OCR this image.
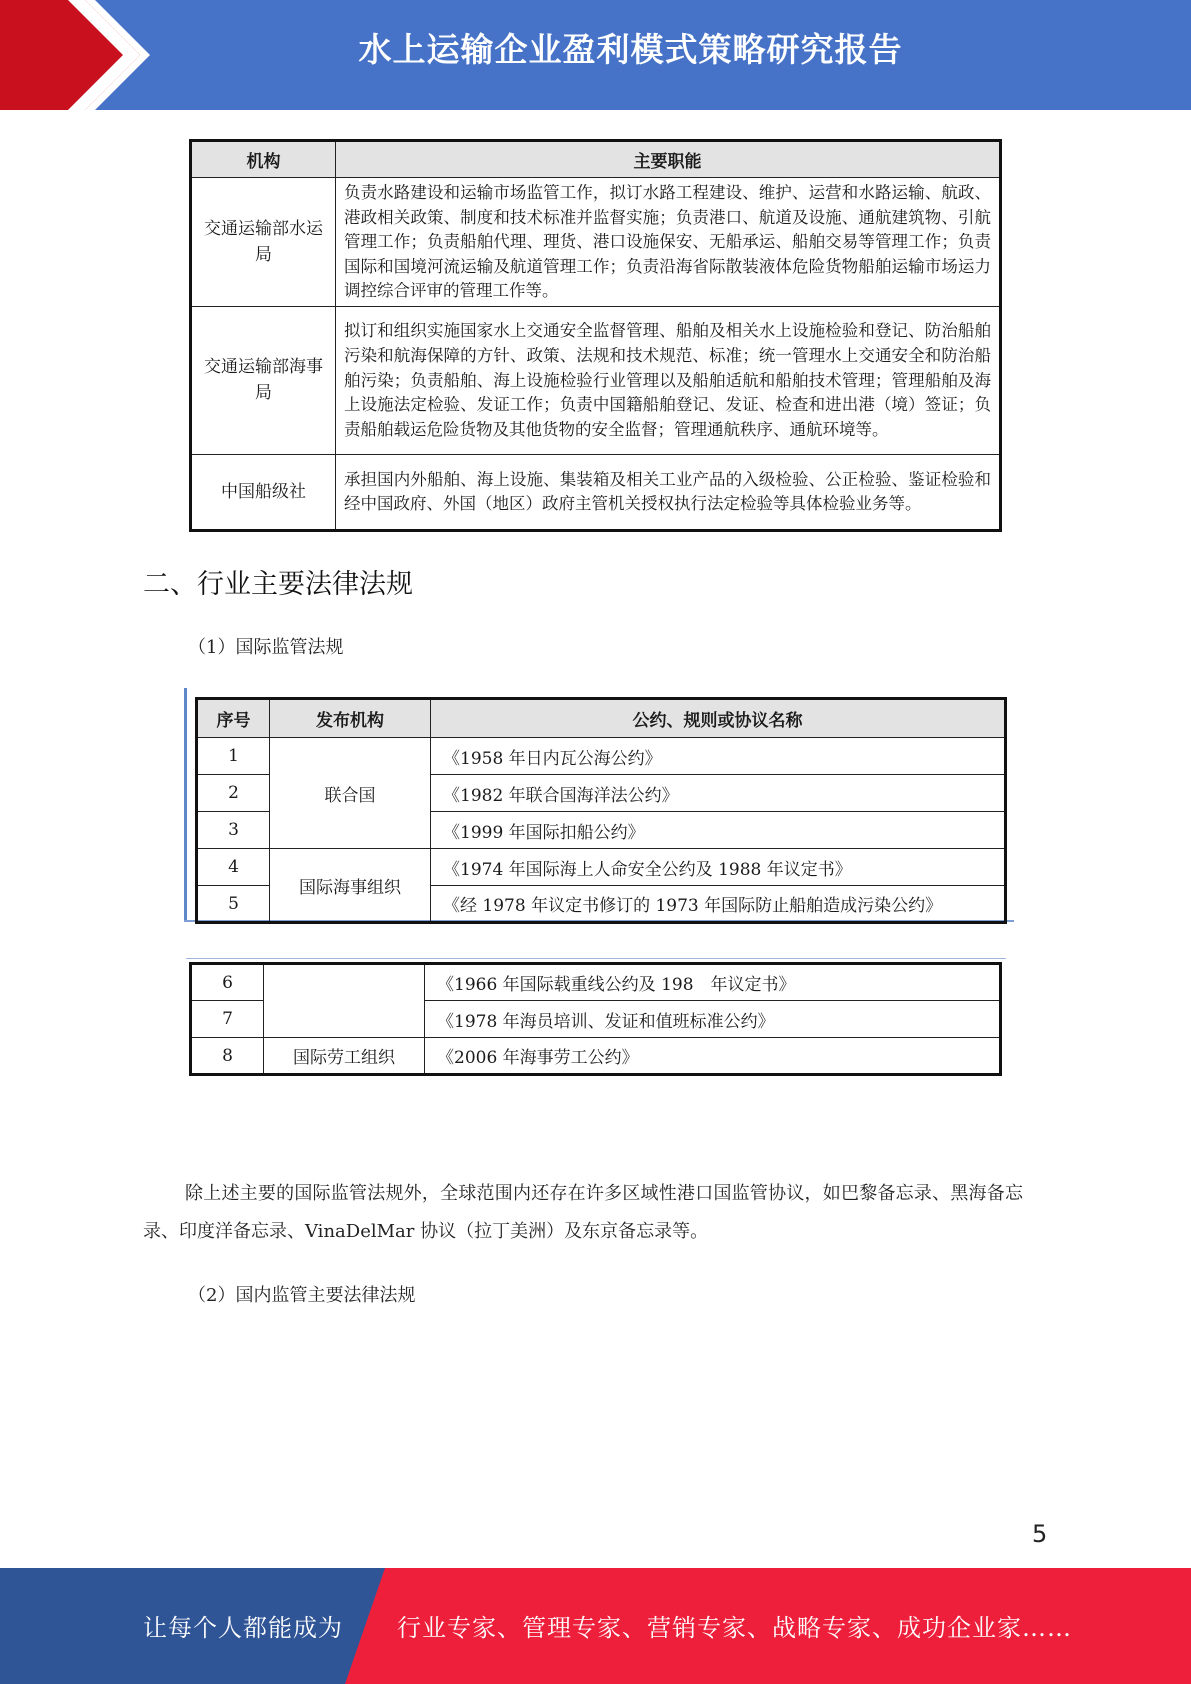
水上运输企业盈利模式策略研究报告
机构	主要职能
交通运输部水运局	负责水路建设和运输市场监管工作，拟订水路工程建设、维护、运营和水路运输、航政、港政相关政策、制度和技术标准并监督实施；负责港口、航道及设施、通航建筑物、引航管理工作；负责船舶代理、理货、港口设施保安、无船承运、船舶交易等管理工作；负责国际和国境河流运输及航道管理工作；负责沿海省际散装液体危险货物船舶运输市场运力调控综合评审的管理工作等。
交通运输部海事局	拟订和组织实施国家水上交通安全监督管理、船舶及相关水上设施检验和登记、防治船舶污染和航海保障的方针、政策、法规和技术规范、标准；统一管理水上交通安全和防治船舶污染；负责船舶、海上设施检验行业管理以及船舶适航和船舶技术管理；管理船舶及海上设施法定检验、发证工作；负责中国籍船舶登记、发证、检查和进出港（境）签证；负责船舶载运危险货物及其他货物的安全监督；管理通航秩序、通航环境等。
中国船级社	承担国内外船舶、海上设施、集装箱及相关工业产品的入级检验、公正检验、鉴证检验和经中国政府、外国（地区）政府主管机关授权执行法定检验等具体检验业务等。
二、行业主要法律法规
（1）国际监管法规
序号	发布机构	公约、规则或协议名称
1	联合国	《1958 年日内瓦公海公约》
2		《1982 年联合国海洋法公约》
3		《1999 年国际扣船公约》
4	国际海事组织	《1974 年国际海上人命安全公约及 1988 年议定书》
5		《经 1978 年议定书修订的 1973 年国际防止船舶造成污染公约》
6		《1966 年国际载重线公约及 198　年议定书》
7		《1978 年海员培训、发证和值班标准公约》
8	国际劳工组织	《2006 年海事劳工公约》
除上述主要的国际监管法规外，全球范围内还存在许多区域性港口国监管协议，如巴黎备忘录、黑海备忘录、印度洋备忘录、VinaDelMar 协议（拉丁美洲）及东京备忘录等。
（2）国内监管主要法律法规
5
让每个人都能成为 行业专家、管理专家、营销专家、战略专家、成功企业家……
